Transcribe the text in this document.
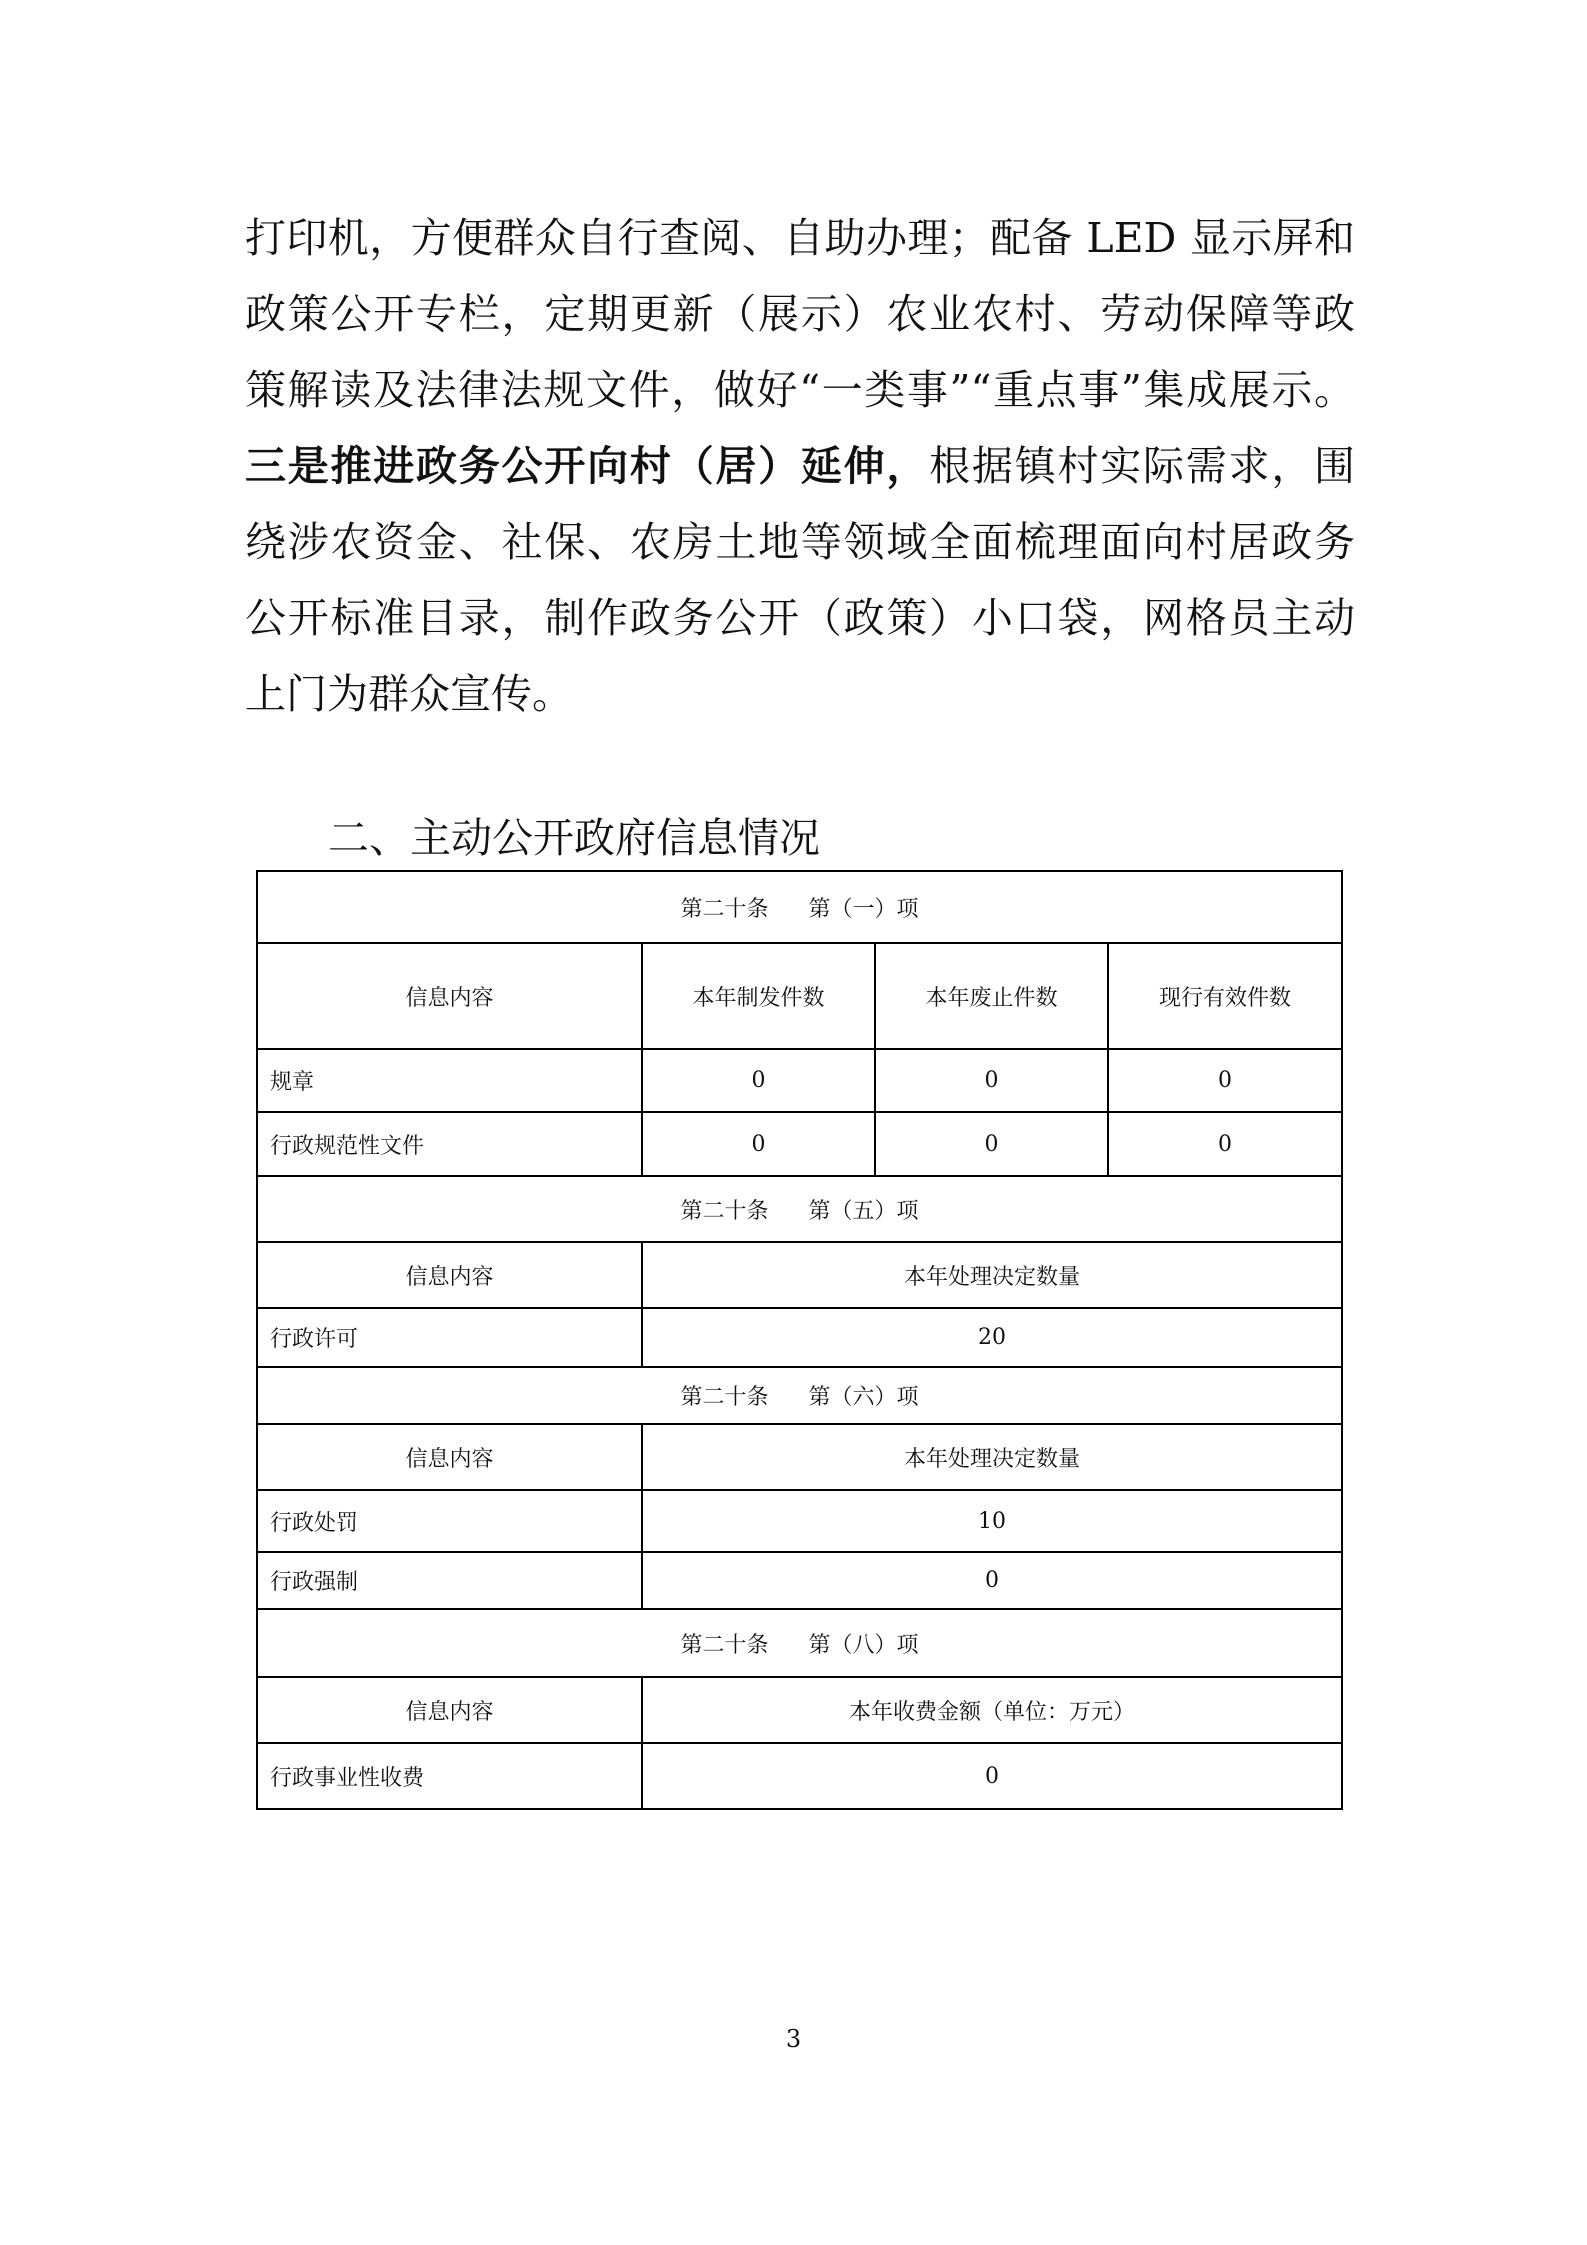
打印机，方便群众自行查阅、自助办理；配备 LED 显示屏和
政策公开专栏，定期更新（展示）农业农村、劳动保障等政
策解读及法律法规文件，做好“一类事”“重点事”集成展示。
三是推进政务公开向村（居）延伸，根据镇村实际需求，围
绕涉农资金、社保、农房土地等领域全面梳理面向村居政务
公开标准目录，制作政务公开（政策）小口袋，网格员主动
上门为群众宣传。
二、主动公开政府信息情况
第二十条 第（一）项			
信息内容	本年制发件数	本年废止件数	现行有效件数
规章	0	0	0
行政规范性文件	0	0	0
第二十条 第（五）项			
信息内容	本年处理决定数量		
行政许可	20		
第二十条 第（六）项			
信息内容	本年处理决定数量		
行政处罚	10		
行政强制	0		
第二十条 第（八）项			
信息内容	本年收费金额（单位：万元）		
行政事业性收费	0		
3
